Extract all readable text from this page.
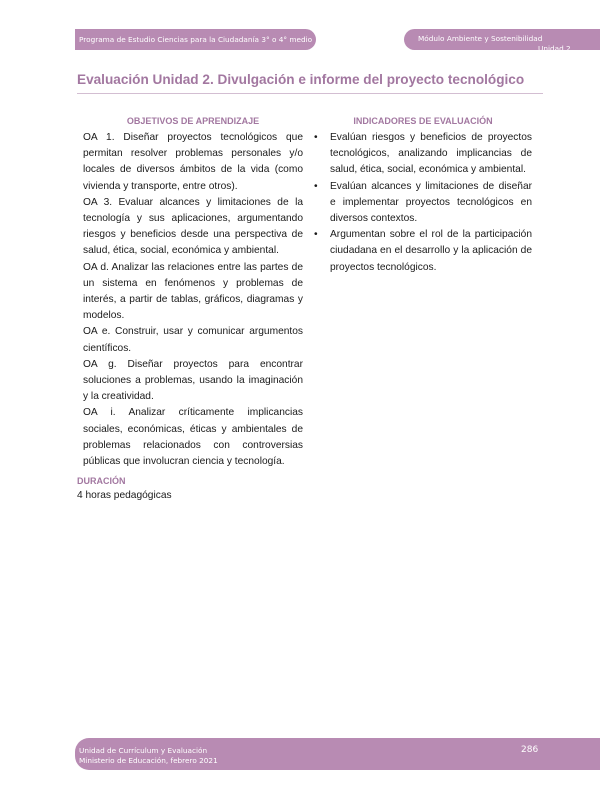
Programa de Estudio Ciencias para la Ciudadanía 3° o 4° medio	Módulo Ambiente y Sostenibilidad
Unidad 2
Evaluación Unidad 2. Divulgación e informe del proyecto tecnológico
OBJETIVOS DE APRENDIZAJE	INDICADORES DE EVALUACIÓN

OA 1. Diseñar proyectos tecnológicos que permitan resolver problemas personales y/o locales de diversos ámbitos de la vida (como vivienda y transporte, entre otros).

OA 3. Evaluar alcances y limitaciones de la tecnología y sus aplicaciones, argumentando riesgos y beneficios desde una perspectiva de salud, ética, social, económica y ambiental.

OA d. Analizar las relaciones entre las partes de un sistema en fenómenos y problemas de interés, a partir de tablas, gráficos, diagramas y modelos.

OA e. Construir, usar y comunicar argumentos científicos.

OA g. Diseñar proyectos para encontrar soluciones a problemas, usando la imaginación y la creatividad.

OA i. Analizar críticamente implicancias sociales, económicas, éticas y ambientales de problemas relacionados con controversias públicas que involucran ciencia y tecnología.

• Evalúan riesgos y beneficios de proyectos tecnológicos, analizando implicancias de salud, ética, social, económica y ambiental.
• Evalúan alcances y limitaciones de diseñar e implementar proyectos tecnológicos en diversos contextos.
• Argumentan sobre el rol de la participación ciudadana en el desarrollo y la aplicación de proyectos tecnológicos.
DURACIÓN
4 horas pedagógicas
Unidad de Currículum y Evaluación
Ministerio de Educación, febrero 2021
286
